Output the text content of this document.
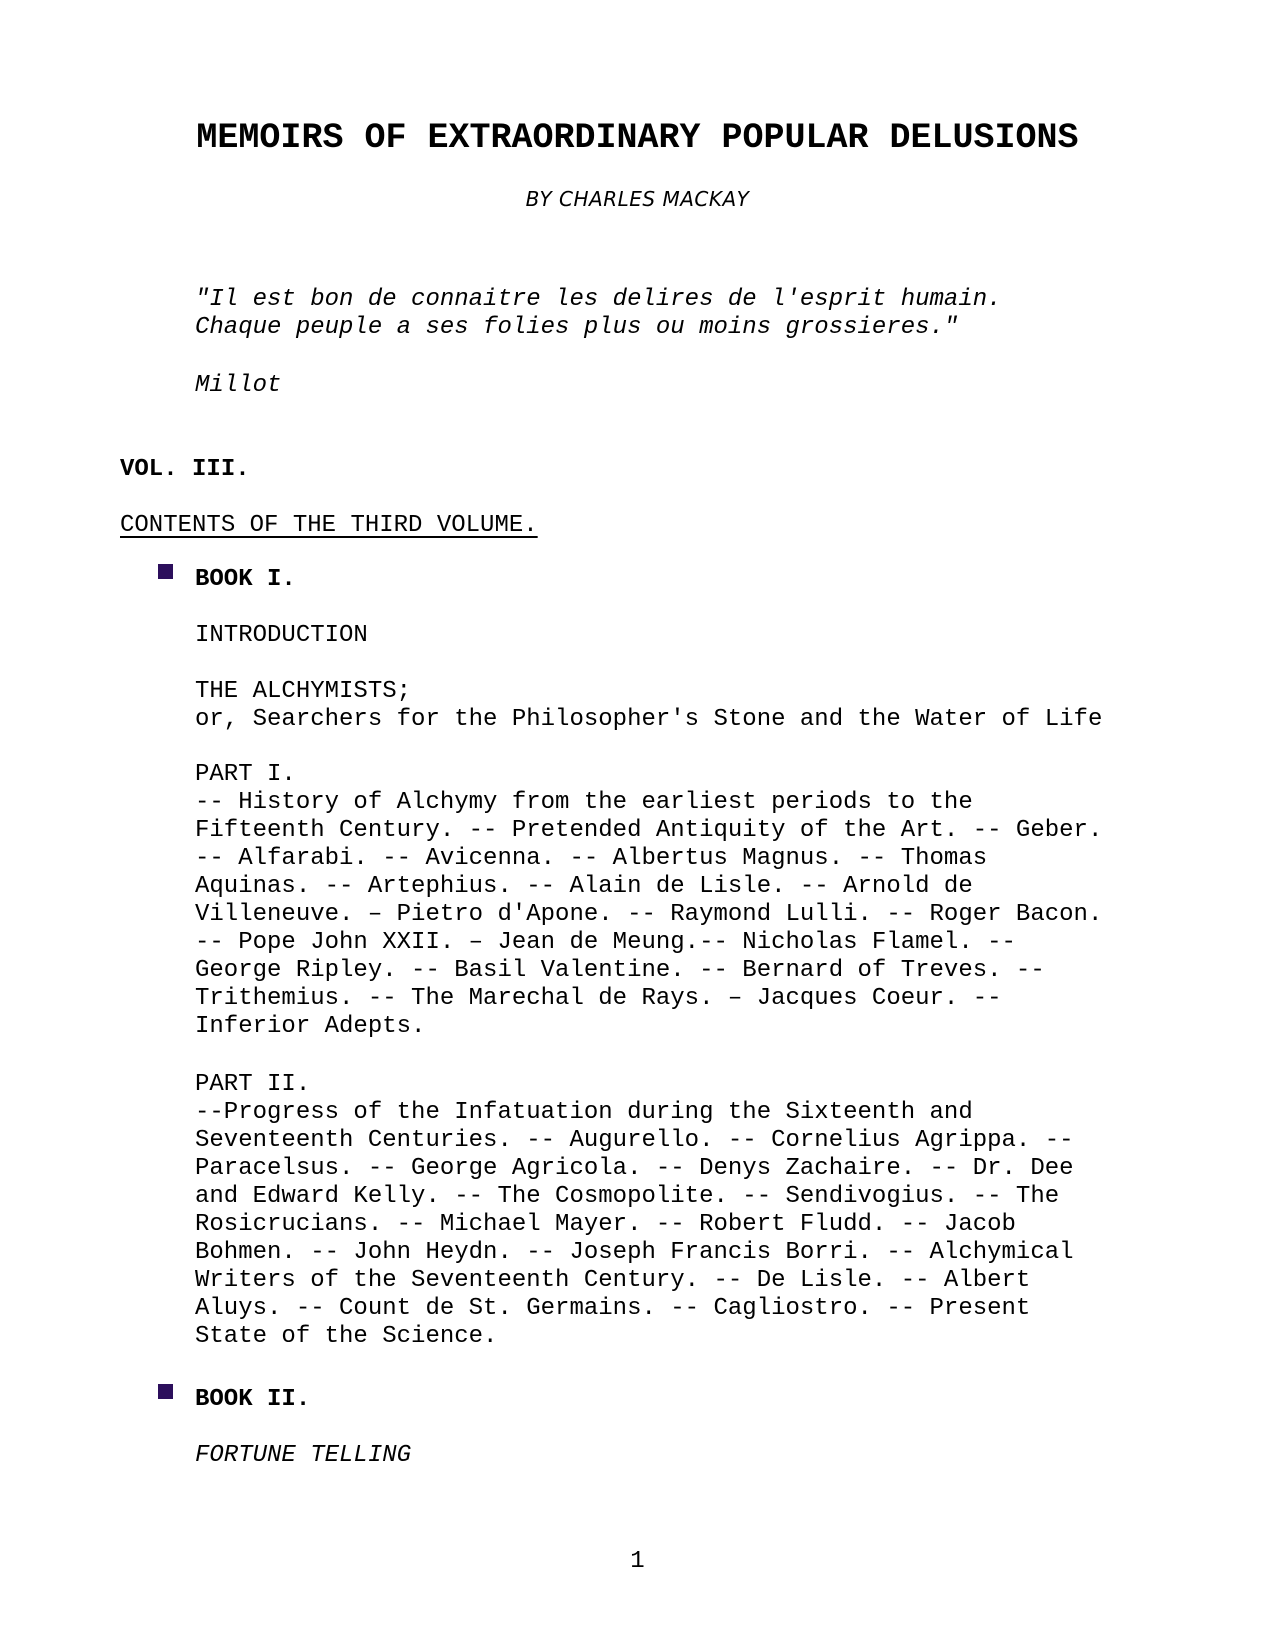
MEMOIRS OF EXTRAORDINARY POPULAR DELUSIONS
BY CHARLES MACKAY
"Il est bon de connaitre les delires de l'esprit humain.
Chaque peuple a ses folies plus ou moins grossieres."
Millot
VOL. III.
CONTENTS OF THE THIRD VOLUME.
BOOK I.
INTRODUCTION
THE ALCHYMISTS;
or, Searchers for the Philosopher's Stone and the Water of Life
PART I.
-- History of Alchymy from the earliest periods to the
Fifteenth Century. -- Pretended Antiquity of the Art. -- Geber.
-- Alfarabi. -- Avicenna. -- Albertus Magnus. -- Thomas
Aquinas. -- Artephius. -- Alain de Lisle. -- Arnold de
Villeneuve. – Pietro d'Apone. -- Raymond Lulli. -- Roger Bacon.
-- Pope John XXII. – Jean de Meung.-- Nicholas Flamel. --
George Ripley. -- Basil Valentine. -- Bernard of Treves. --
Trithemius. -- The Marechal de Rays. – Jacques Coeur. --
Inferior Adepts.
PART II.
--Progress of the Infatuation during the Sixteenth and
Seventeenth Centuries. -- Augurello. -- Cornelius Agrippa. --
Paracelsus. -- George Agricola. -- Denys Zachaire. -- Dr. Dee
and Edward Kelly. -- The Cosmopolite. -- Sendivogius. -- The
Rosicrucians. -- Michael Mayer. -- Robert Fludd. -- Jacob
Bohmen. -- John Heydn. -- Joseph Francis Borri. -- Alchymical
Writers of the Seventeenth Century. -- De Lisle. -- Albert
Aluys. -- Count de St. Germains. -- Cagliostro. -- Present
State of the Science.
BOOK II.
FORTUNE TELLING
1
